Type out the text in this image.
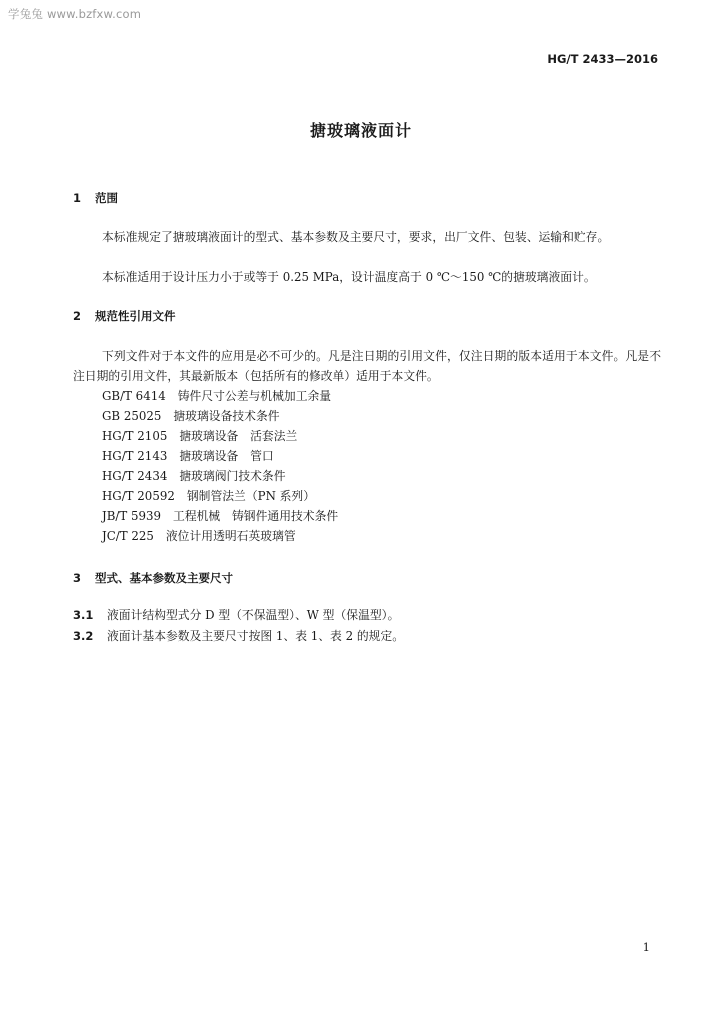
学兔兔 www.bzfxw.com
HG/T 2433—2016
搪玻璃液面计
1 范围
本标准规定了搪玻璃液面计的型式、基本参数及主要尺寸，要求，出厂文件、包装、运输和贮存。
本标准适用于设计压力小于或等于 0.25 MPa，设计温度高于 0 ℃～150 ℃的搪玻璃液面计。
2 规范性引用文件
下列文件对于本文件的应用是必不可少的。凡是注日期的引用文件，仅注日期的版本适用于本文件。凡是不注日期的引用文件，其最新版本（包括所有的修改单）适用于本文件。
GB/T 6414 铸件尺寸公差与机械加工余量
GB 25025 搪玻璃设备技术条件
HG/T 2105 搪玻璃设备　活套法兰
HG/T 2143 搪玻璃设备　管口
HG/T 2434 搪玻璃阀门技术条件
HG/T 20592 钢制管法兰（PN 系列）
JB/T 5939 工程机械　铸钢件通用技术条件
JC/T 225 液位计用透明石英玻璃管
3 型式、基本参数及主要尺寸
3.1 液面计结构型式分 D 型（不保温型）、W 型（保温型）。
3.2 液面计基本参数及主要尺寸按图 1、表 1、表 2 的规定。
1
